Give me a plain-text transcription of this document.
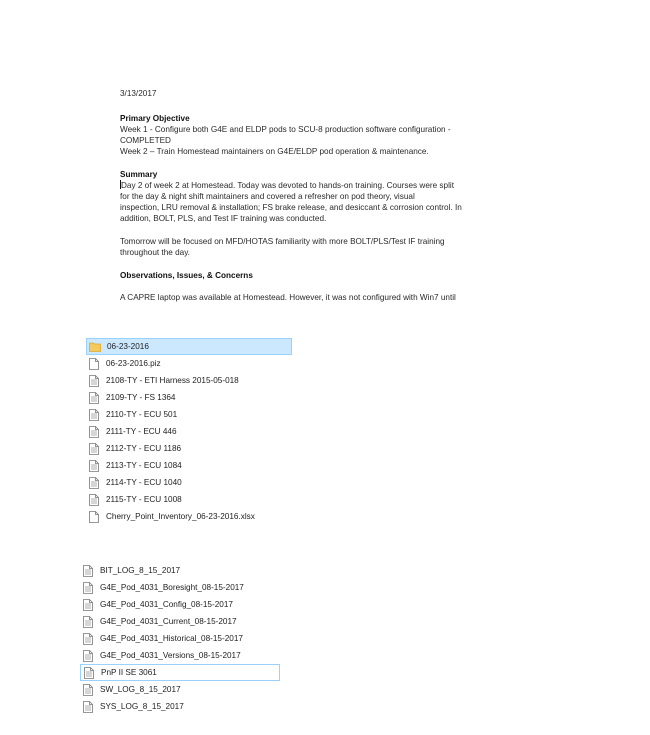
3/13/2017

Primary Objective

Week 1 - Configure both G4E and ELDP pods to SCU-8 production software configuration -

COMPLETED

Week 2 – Train Homestead maintainers on G4E/ELDP pod operation & maintenance.

Summary

Day 2 of week 2 at Homestead. Today was devoted to hands-on training. Courses were split

for the day & night shift maintainers and covered a refresher on pod theory, visual

inspection, LRU removal & installation; FS brake release, and desiccant & corrosion control. In

addition, BOLT, PLS, and Test IF training was conducted.

Tomorrow will be focused on MFD/HOTAS familiarity with more BOLT/PLS/Test IF training

throughout the day.

Observations, Issues, & Concerns

A CAPRE laptop was available at Homestead. However, it was not configured with Win7 until

06-23-2016
06-23-2016.piz
2108-TY - ETI Harness 2015-05-018
2109-TY - FS 1364
2110-TY - ECU 501
2111-TY - ECU 446
2112-TY - ECU 1186
2113-TY - ECU 1084
2114-TY - ECU 1040
2115-TY - ECU 1008
Cherry_Point_Inventory_06-23-2016.xlsx
BIT_LOG_8_15_2017
G4E_Pod_4031_Boresight_08-15-2017
G4E_Pod_4031_Config_08-15-2017
G4E_Pod_4031_Current_08-15-2017
G4E_Pod_4031_Historical_08-15-2017
G4E_Pod_4031_Versions_08-15-2017
PnP II SE 3061
SW_LOG_8_15_2017
SYS_LOG_8_15_2017
